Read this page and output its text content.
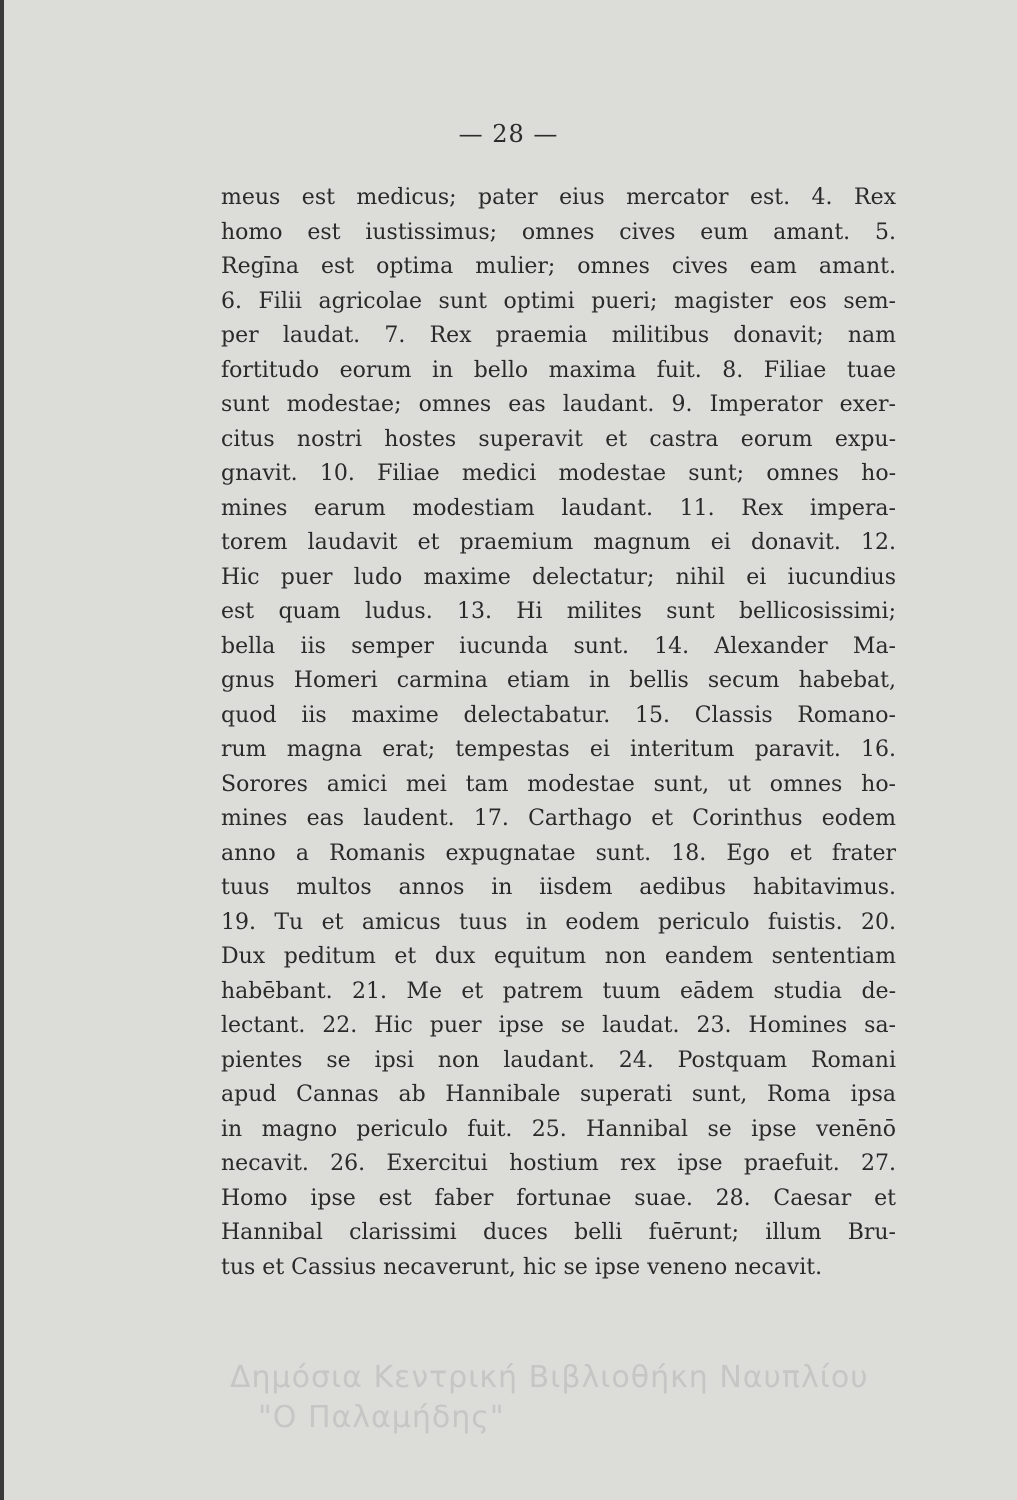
— 28 —
meus est medicus; pater eius mercator est. 4. Rex
homo est iustissimus; omnes cives eum amant. 5.
Regīna est optima mulier; omnes cives eam amant.
6. Filii agricolae sunt optimi pueri; magister eos sem-
per laudat. 7. Rex praemia militibus donavit; nam
fortitudo eorum in bello maxima fuit. 8. Filiae tuae
sunt modestae; omnes eas laudant. 9. Imperator exer-
citus nostri hostes superavit et castra eorum expu-
gnavit. 10. Filiae medici modestae sunt; omnes ho-
mines earum modestiam laudant. 11. Rex impera-
torem laudavit et praemium magnum ei donavit. 12.
Hic puer ludo maxime delectatur; nihil ei iucundius
est quam ludus. 13. Hi milites sunt bellicosissimi;
bella iis semper iucunda sunt. 14. Alexander Ma-
gnus Homeri carmina etiam in bellis secum habebat,
quod iis maxime delectabatur. 15. Classis Romano-
rum magna erat; tempestas ei interitum paravit. 16.
Sorores amici mei tam modestae sunt, ut omnes ho-
mines eas laudent. 17. Carthago et Corinthus eodem
anno a Romanis expugnatae sunt. 18. Ego et frater
tuus multos annos in iisdem aedibus habitavimus.
19. Tu et amicus tuus in eodem periculo fuistis. 20.
Dux peditum et dux equitum non eandem sententiam
habēbant. 21. Me et patrem tuum eādem studia de-
lectant. 22. Hic puer ipse se laudat. 23. Homines sa-
pientes se ipsi non laudant. 24. Postquam Romani
apud Cannas ab Hannibale superati sunt, Roma ipsa
in magno periculo fuit. 25. Hannibal se ipse venēnō
necavit. 26. Exercitui hostium rex ipse praefuit. 27.
Homo ipse est faber fortunae suae. 28. Caesar et
Hannibal clarissimi duces belli fuērunt; illum Bru-
tus et Cassius necaverunt, hic se ipse veneno necavit.
Δημόσια Κεντρική Βιβλιοθήκη Ναυπλίου
"Ο Παλαμήδης"
